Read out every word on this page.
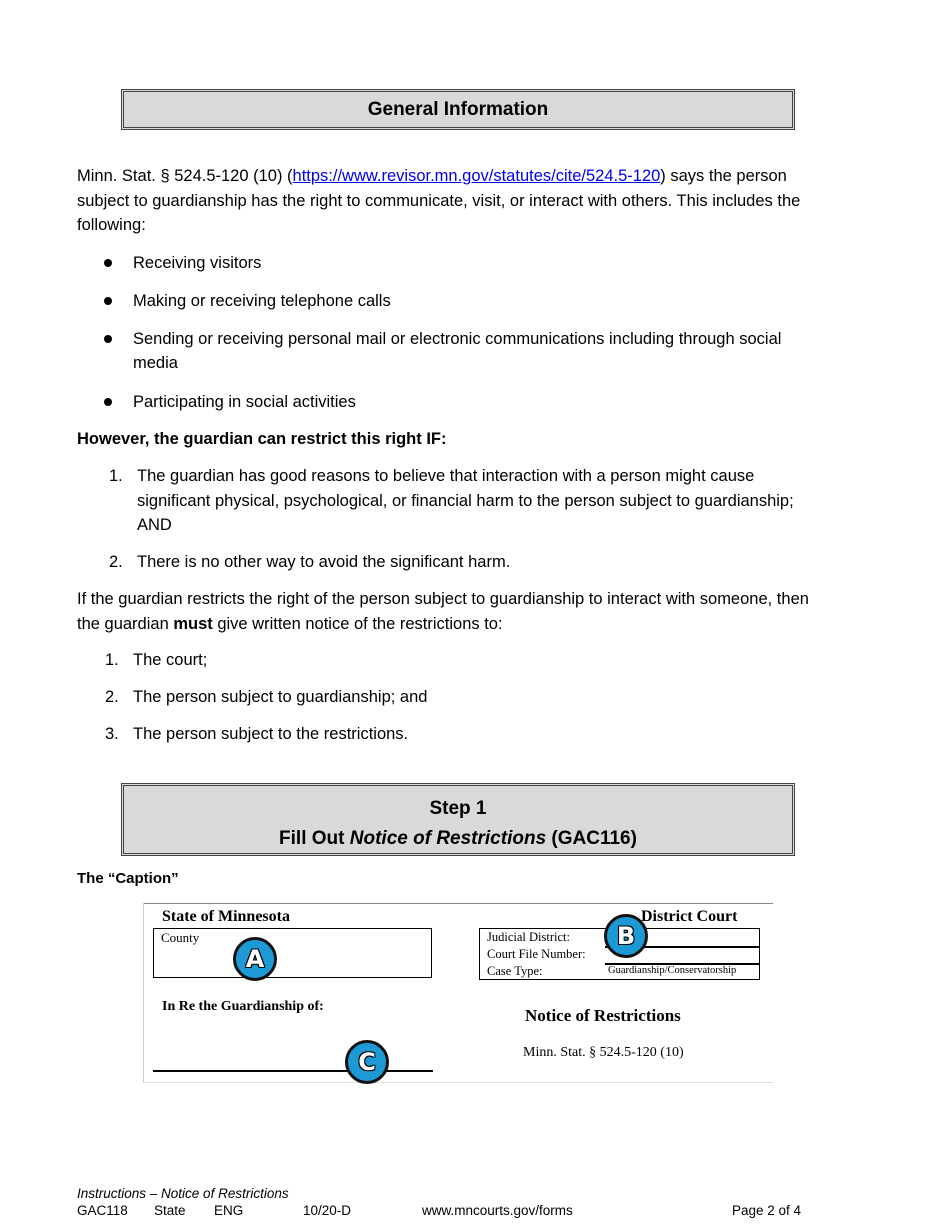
General Information
Minn. Stat. § 524.5-120 (10) (https://www.revisor.mn.gov/statutes/cite/524.5-120) says the person
subject to guardianship has the right to communicate, visit, or interact with others. This includes the
following:
Receiving visitors
Making or receiving telephone calls
Sending or receiving personal mail or electronic communications including through social
media
Participating in social activities
However, the guardian can restrict this right IF:
1. The guardian has good reasons to believe that interaction with a person might cause
significant physical, psychological, or financial harm to the person subject to guardianship;
AND
2. There is no other way to avoid the significant harm.
If the guardian restricts the right of the person subject to guardianship to interact with someone, then
the guardian must give written notice of the restrictions to:
1. The court;
2. The person subject to guardianship; and
3. The person subject to the restrictions.
Step 1
Fill Out Notice of Restrictions (GAC116)
The “Caption”
State of Minnesota
County
District Court
Judicial District:
Court File Number:
Case Type:	Guardianship/Conservatorship
In Re the Guardianship of:	Notice of Restrictions
Minn. Stat. § 524.5-120 (10)
A
B
C
Instructions – Notice of Restrictions
GAC118 State ENG	10/20-D	www.mncourts.gov/forms	Page 2 of 4
